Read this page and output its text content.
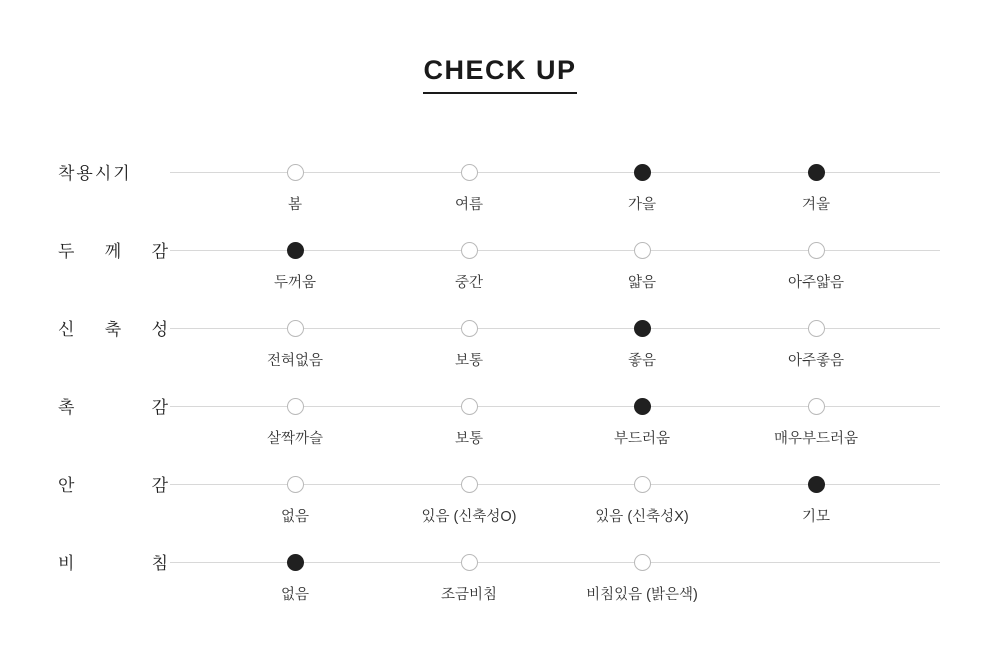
CHECK UP
착용시기
봄	여름	가을	겨울
두 께 감
두꺼움	중간	얇음	아주얇음
신 축 성
전혀없음	보통	좋음	아주좋음
촉	감
살짝까슬	보통	부드러움	매우부드러움
안	감
없음	있음 (신축성O)	있음 (신축성X)	기모
비	침
없음	조금비침	비침있음 (밝은색)
